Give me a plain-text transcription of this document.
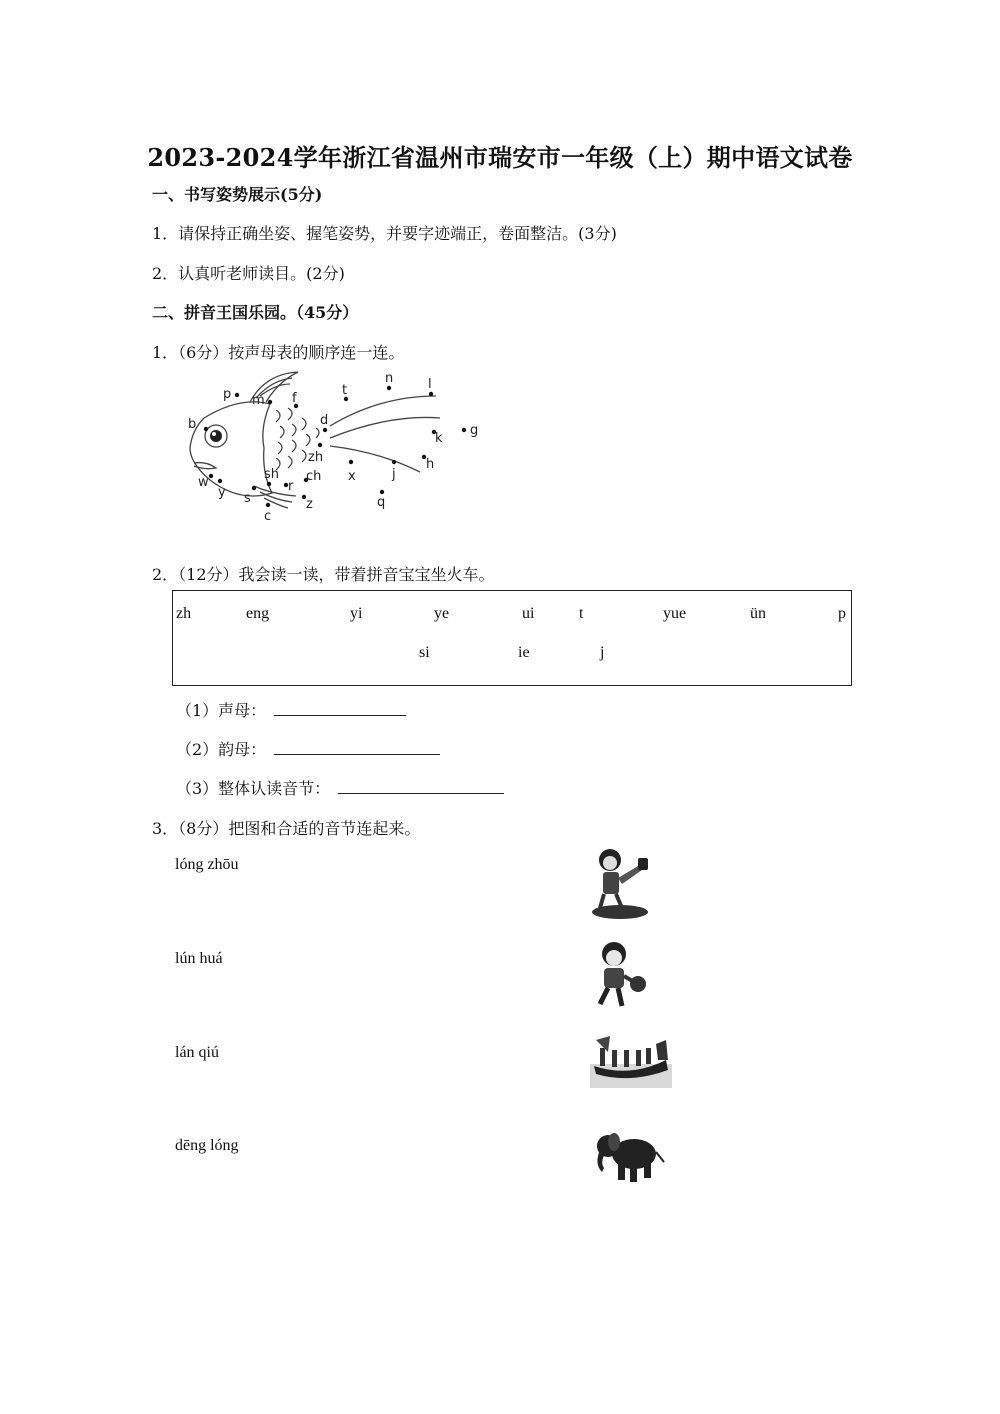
2023-2024学年浙江省温州市瑞安市一年级（上）期中语文试卷
一、书写姿势展示(5分)
1．请保持正确坐姿、握笔姿势，并要字迹端正，卷面整洁。(3分)
2．认真听老师读目。(2分)
二、拼音王国乐园。（45分）
1．（6分）按声母表的顺序连一连。
p m f
t
n	l
b	d
k
g
h
zh
ch
sh
r
x	j
q
w
y s	z
c
2．（12分）我会读一读，带着拼音宝宝坐火车。
zh	eng	yi	ye	ui	t	yue	ün	p
si	ie	j
（1）声母：
（2）韵母：
（3）整体认读音节：
3．（8分）把图和合适的音节连起来。
lóng zhōu
lún huá
lán qiú
dēng lóng
